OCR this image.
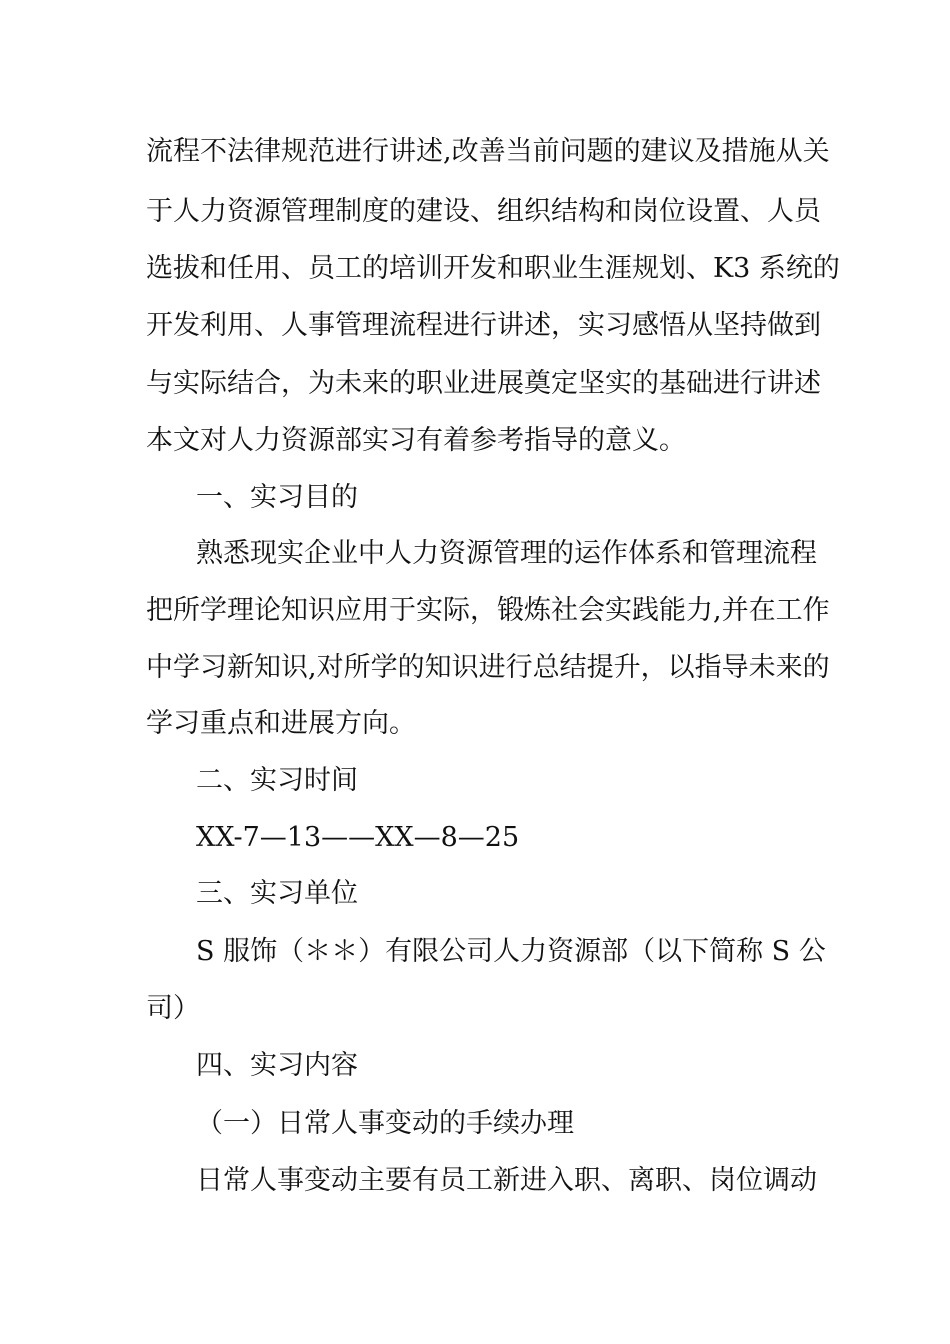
流程不法律规范进行讲述,改善当前问题的建议及措施从关
于人力资源管理制度的建设、组织结构和岗位设置、人员
选拔和任用、员工的培训开发和职业生涯规划、K3 系统的
开发利用、人事管理流程进行讲述，实习感悟从坚持做到
与实际结合，为未来的职业进展奠定坚实的基础进行讲述
本文对人力资源部实习有着参考指导的意义。
一、实习目的
熟悉现实企业中人力资源管理的运作体系和管理流程
把所学理论知识应用于实际，锻炼社会实践能力,并在工作
中学习新知识,对所学的知识进行总结提升，以指导未来的
学习重点和进展方向。
二、实习时间
XX-7—13——XX—8—25
三、实习单位
S 服饰（＊＊）有限公司人力资源部（以下简称 S 公
司）
四、实习内容
（一）日常人事变动的手续办理
日常人事变动主要有员工新进入职、离职、岗位调动
